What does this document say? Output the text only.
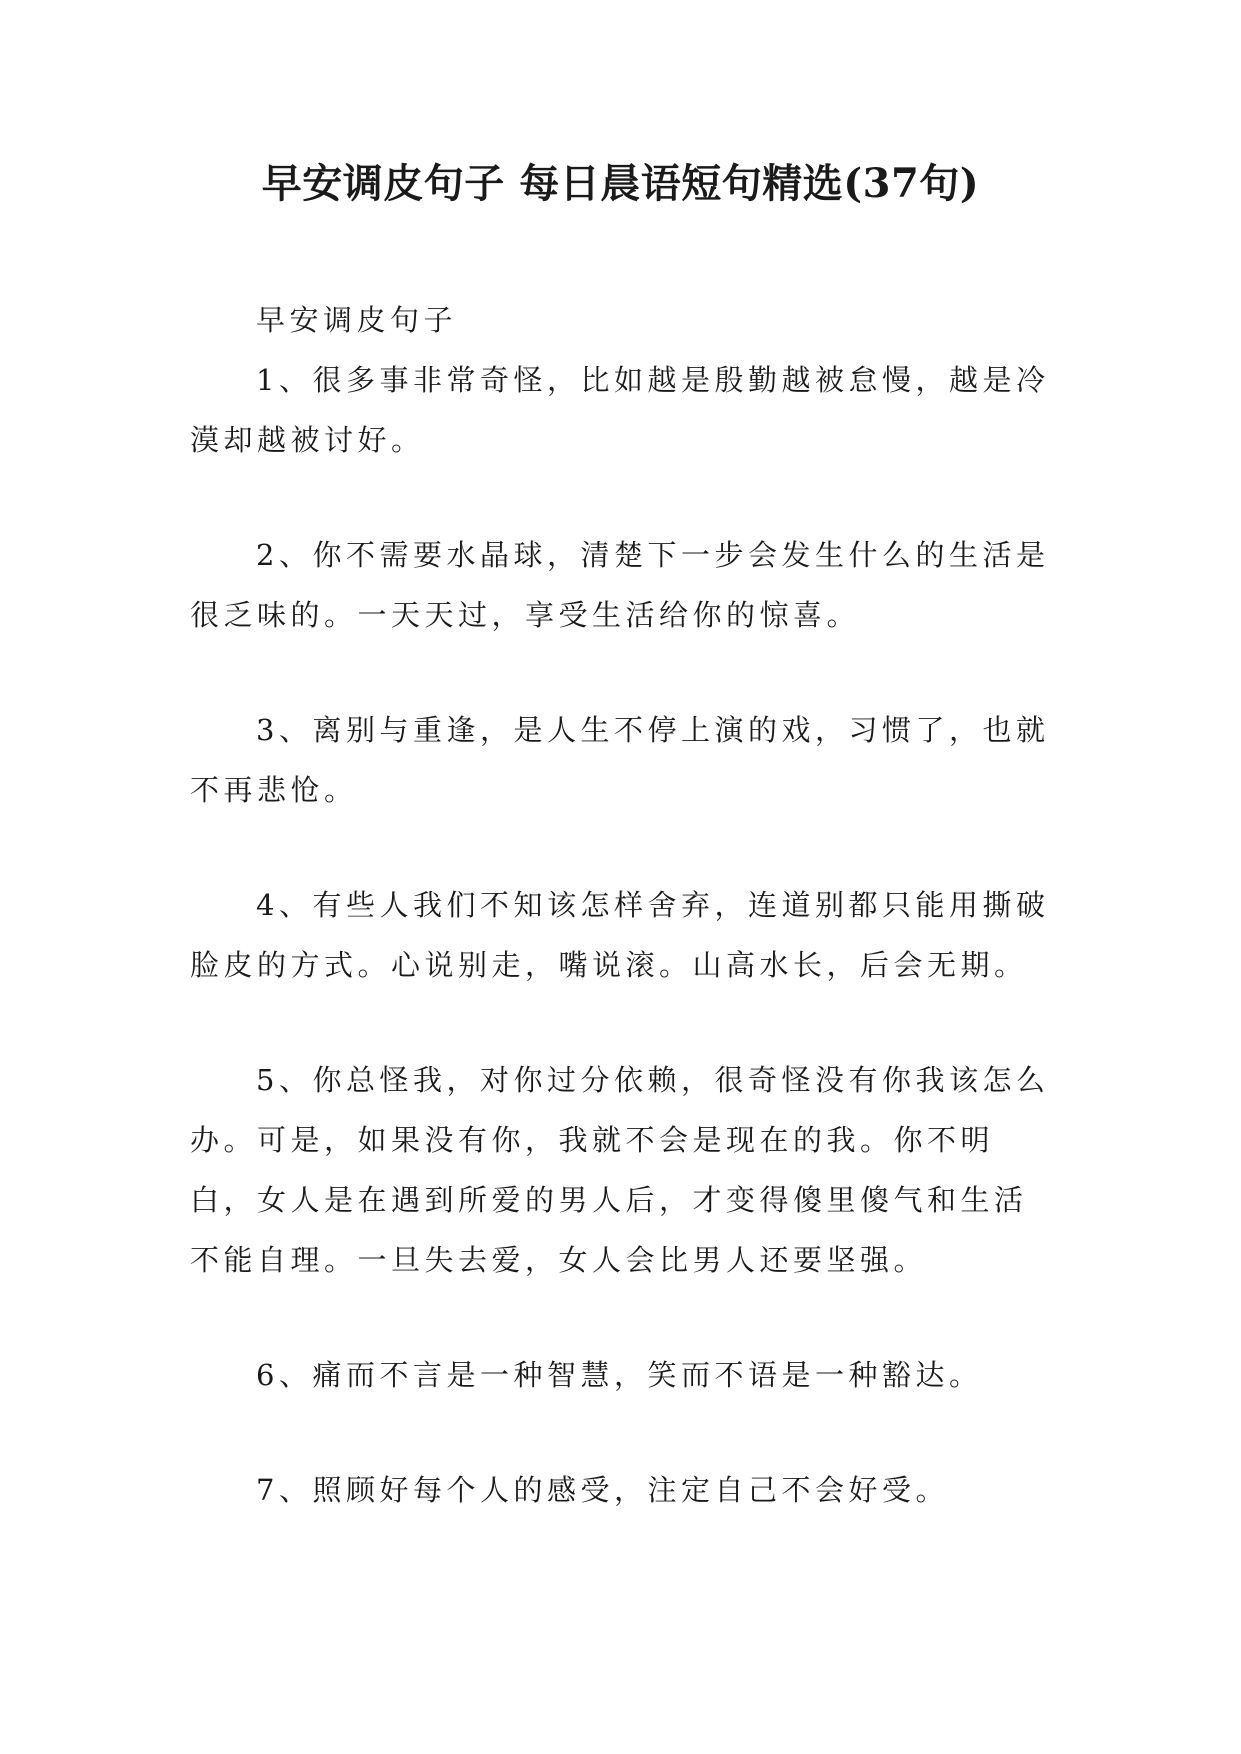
早安调皮句子 每日晨语短句精选(37句)

早安调皮句子

1、很多事非常奇怪，比如越是殷勤越被怠慢，越是冷漠却越被讨好。

2、你不需要水晶球，清楚下一步会发生什么的生活是很乏味的。一天天过，享受生活给你的惊喜。

3、离别与重逢，是人生不停上演的戏，习惯了，也就不再悲怆。

4、有些人我们不知该怎样舍弃，连道别都只能用撕破脸皮的方式。心说别走，嘴说滚。山高水长，后会无期。

5、你总怪我，对你过分依赖，很奇怪没有你我该怎么办。可是，如果没有你，我就不会是现在的我。你不明白，女人是在遇到所爱的男人后，才变得傻里傻气和生活不能自理。一旦失去爱，女人会比男人还要坚强。

6、痛而不言是一种智慧，笑而不语是一种豁达。

7、照顾好每个人的感受，注定自己不会好受。
